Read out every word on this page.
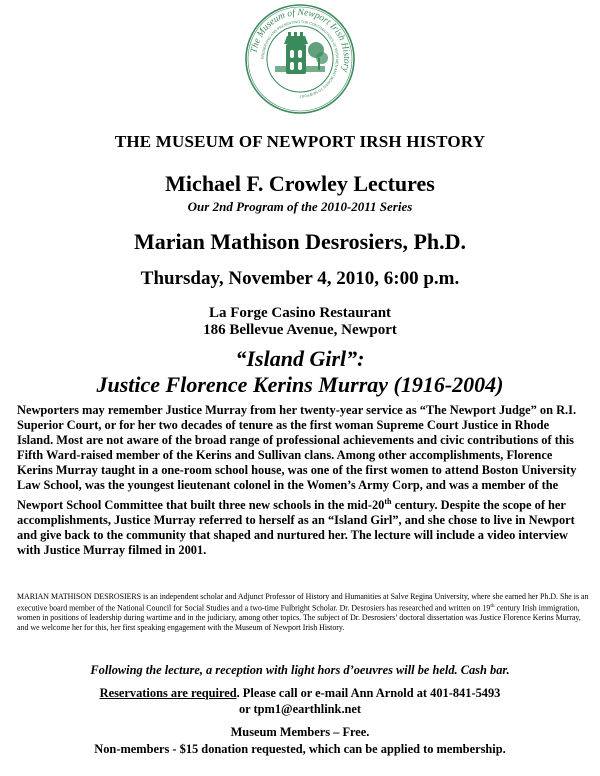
The Museum of Newport Irish History
PRESERVING AND PRESENTING THE CONTRIBUTIONS OF IRISH MEN AND WOMEN TO NEWPORT
THE MUSEUM OF NEWPORT IRSH HISTORY
Michael F. Crowley Lectures
Our 2nd Program of the 2010-2011 Series
Marian Mathison Desrosiers, Ph.D.
Thursday, November 4, 2010, 6:00 p.m.
La Forge Casino Restaurant
186 Bellevue Avenue, Newport
“Island Girl”:
Justice Florence Kerins Murray (1916-2004)
Newporters may remember Justice Murray from her twenty-year service as “The Newport Judge” on R.I. Superior Court, or for her two decades of tenure as the first woman Supreme Court Justice in Rhode Island. Most are not aware of the broad range of professional achievements and civic contributions of this Fifth Ward-raised member of the Kerins and Sullivan clans. Among other accomplishments, Florence Kerins Murray taught in a one-room school house, was one of the first women to attend Boston University Law School, was the youngest lieutenant colonel in the Women’s Army Corp, and was a member of the Newport School Committee that built three new schools in the mid-20th century. Despite the scope of her accomplishments, Justice Murray referred to herself as an “Island Girl”, and she chose to live in Newport and give back to the community that shaped and nurtured her. The lecture will include a video interview with Justice Murray filmed in 2001.
MARIAN MATHISON DESROSIERS is an independent scholar and Adjunct Professor of History and Humanities at Salve Regina University, where she earned her Ph.D. She is an executive board member of the National Council for Social Studies and a two-time Fulbright Scholar. Dr. Desrosiers has researched and written on 19th century Irish immigration, women in positions of leadership during wartime and in the judiciary, among other topics. The subject of Dr. Desrosiers’ doctoral dissertation was Justice Florence Kerins Murray, and we welcome her for this, her first speaking engagement with the Museum of Newport Irish History.
Following the lecture, a reception with light hors d’oeuvres will be held. Cash bar.
Reservations are required. Please call or e-mail Ann Arnold at 401-841-5493
or tpm1@earthlink.net
Museum Members – Free.
Non-members - $15 donation requested, which can be applied to membership.
